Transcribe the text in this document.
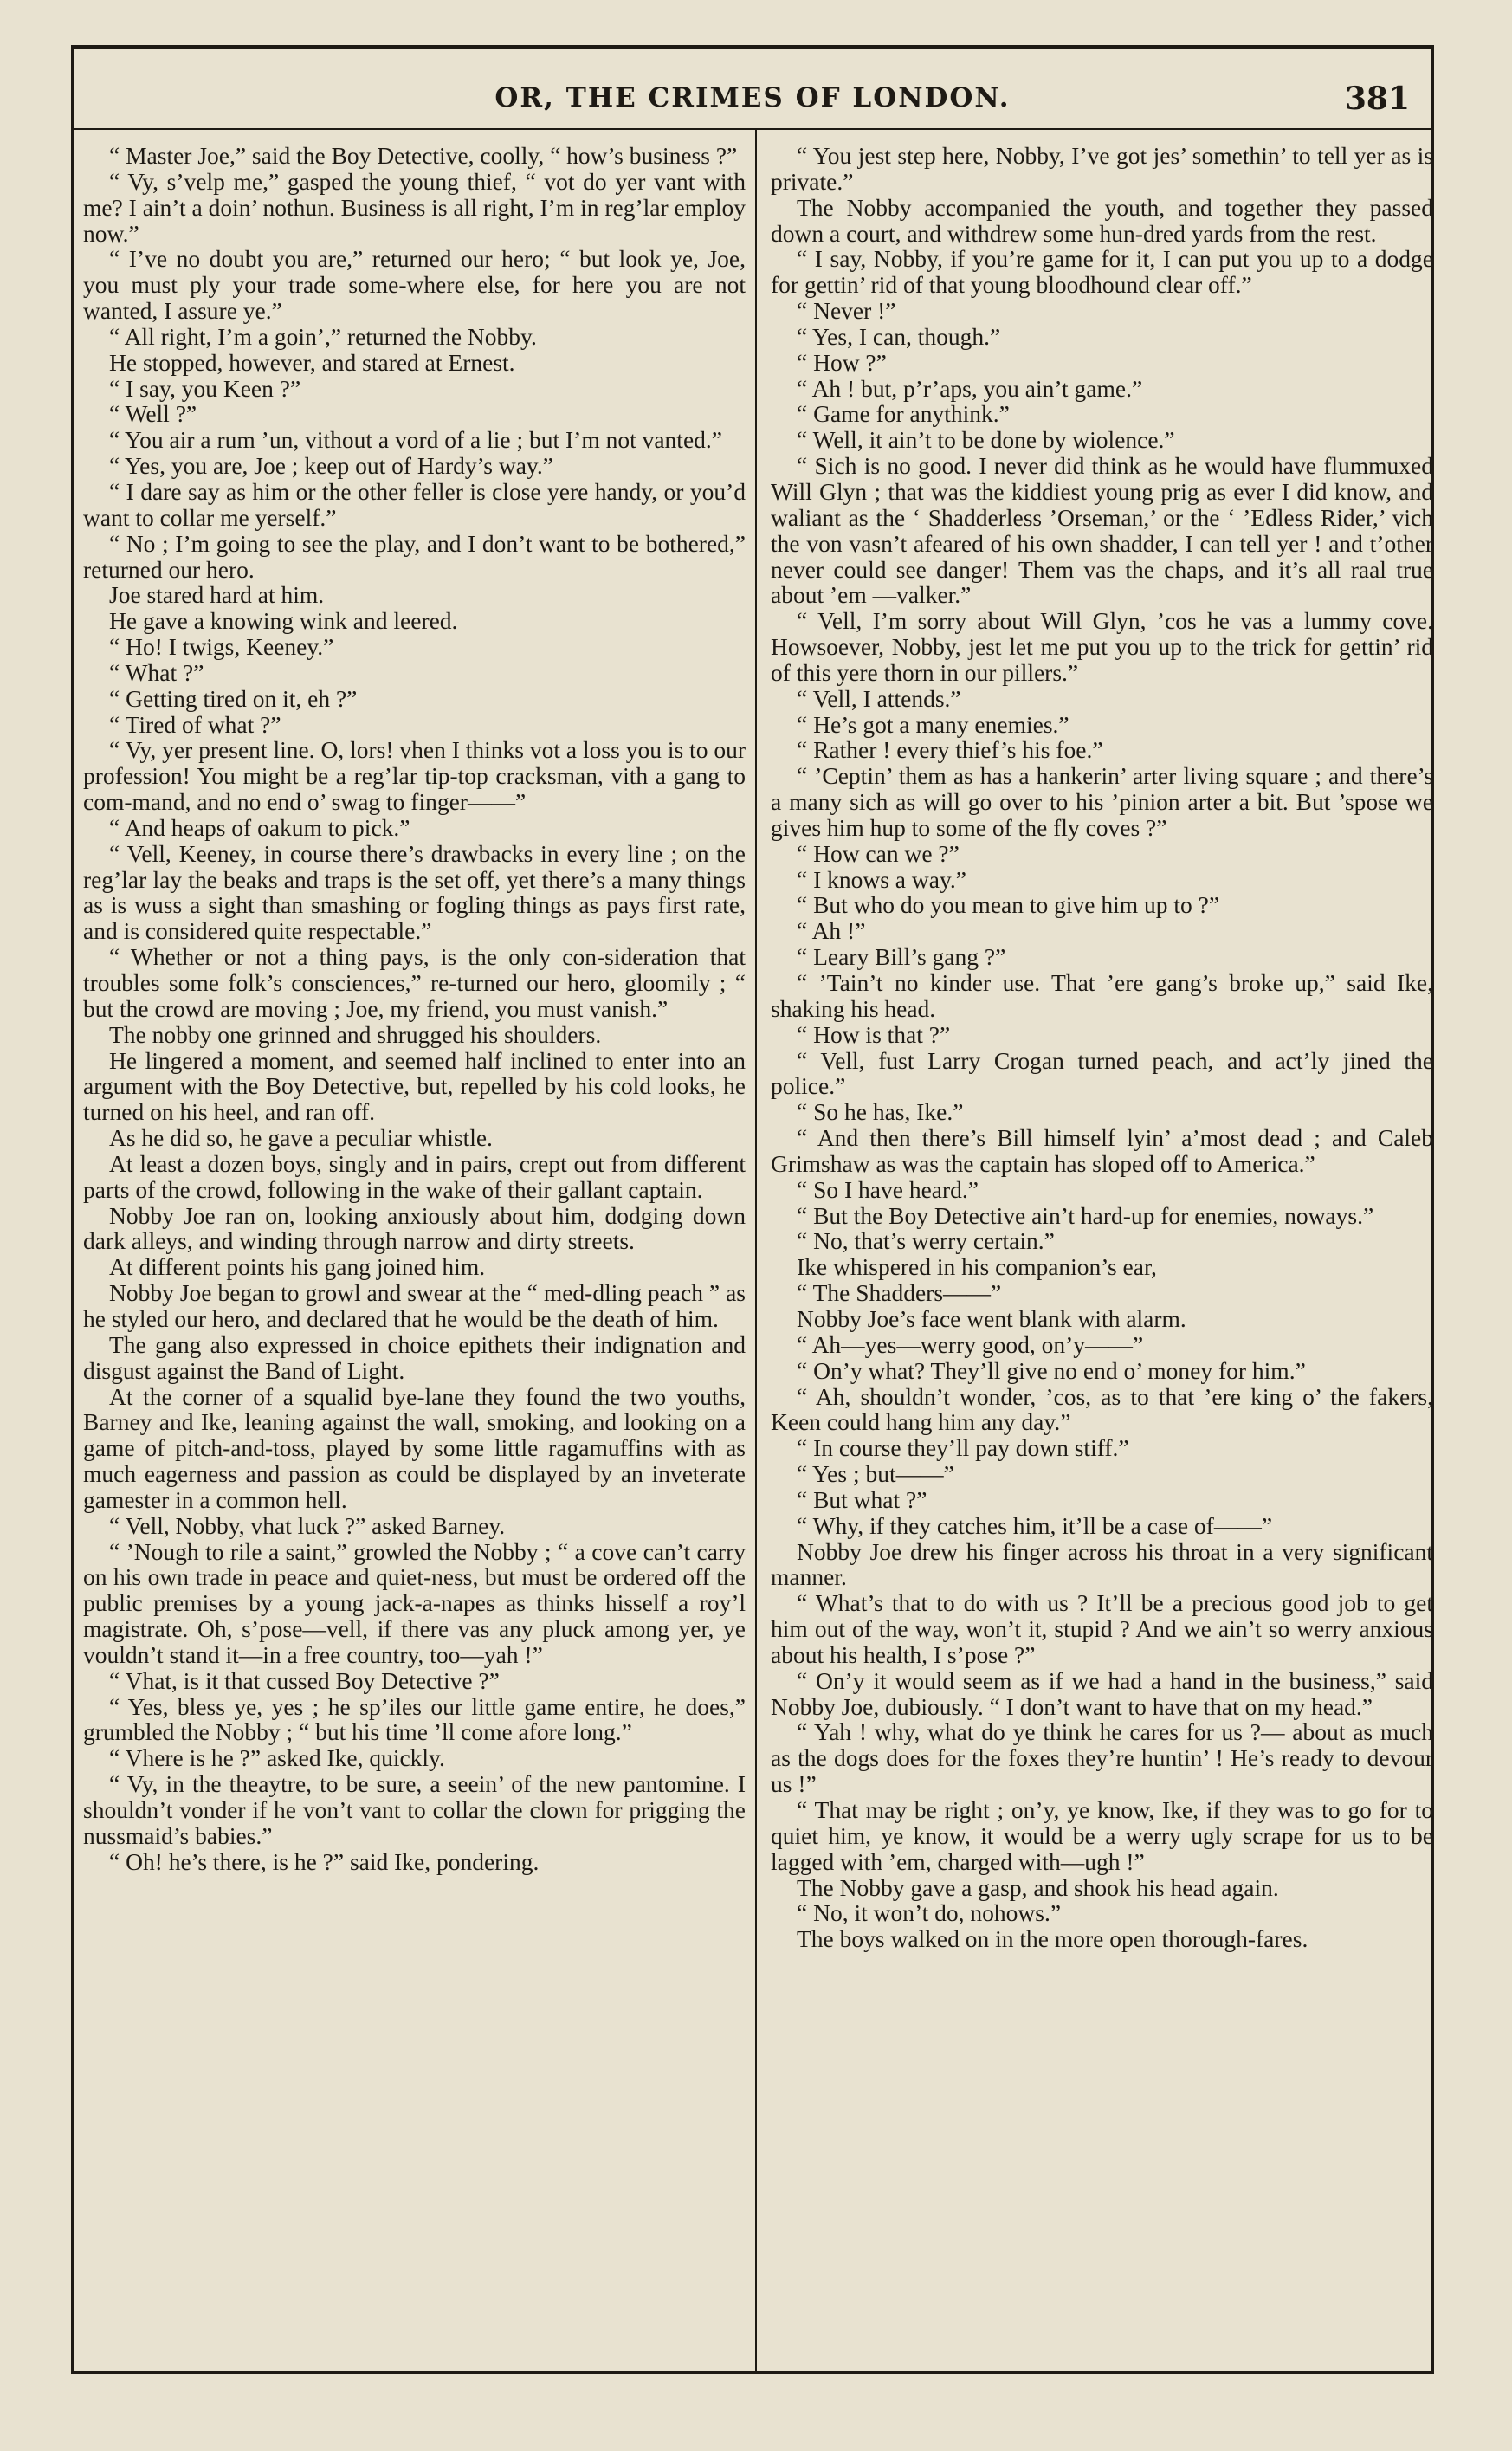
OR, THE CRIMES OF LONDON.	381

“ Master Joe,” said the Boy Detective, coolly, “ how’s business ?”

“ Vy, s’velp me,” gasped the young thief, “ vot do yer vant with me? I ain’t a doin’ nothun. Business is all right, I’m in reg’lar employ now.”

“ I’ve no doubt you are,” returned our hero; “ but look ye, Joe, you must ply your trade some-where else, for here you are not wanted, I assure ye.”

“ All right, I’m a goin’,” returned the Nobby.

He stopped, however, and stared at Ernest.

“ I say, you Keen ?”

“ Well ?”

“ You air a rum ’un, vithout a vord of a lie ; but I’m not vanted.”

“ Yes, you are, Joe ; keep out of Hardy’s way.”

“ I dare say as him or the other feller is close yere handy, or you’d want to collar me yerself.”

“ No ; I’m going to see the play, and I don’t want to be bothered,” returned our hero.

Joe stared hard at him.

He gave a knowing wink and leered.

“ Ho! I twigs, Keeney.”

“ What ?”

“ Getting tired on it, eh ?”

“ Tired of what ?”

“ Vy, yer present line. O, lors! vhen I thinks vot a loss you is to our profession! You might be a reg’lar tip-top cracksman, vith a gang to com-mand, and no end o’ swag to finger——”

“ And heaps of oakum to pick.”

“ Vell, Keeney, in course there’s drawbacks in every line ; on the reg’lar lay the beaks and traps is the set off, yet there’s a many things as is wuss a sight than smashing or fogling things as pays first rate, and is considered quite respectable.”

“ Whether or not a thing pays, is the only con-sideration that troubles some folk’s consciences,” re-turned our hero, gloomily ; “ but the crowd are moving ; Joe, my friend, you must vanish.”

The nobby one grinned and shrugged his shoulders.

He lingered a moment, and seemed half inclined to enter into an argument with the Boy Detective, but, repelled by his cold looks, he turned on his heel, and ran off.

As he did so, he gave a peculiar whistle.

At least a dozen boys, singly and in pairs, crept out from different parts of the crowd, following in the wake of their gallant captain.

Nobby Joe ran on, looking anxiously about him, dodging down dark alleys, and winding through narrow and dirty streets.

At different points his gang joined him.

Nobby Joe began to growl and swear at the “ med-dling peach ” as he styled our hero, and declared that he would be the death of him.

The gang also expressed in choice epithets their indignation and disgust against the Band of Light.

At the corner of a squalid bye-lane they found the two youths, Barney and Ike, leaning against the wall, smoking, and looking on a game of pitch-and-toss, played by some little ragamuffins with as much eagerness and passion as could be displayed by an inveterate gamester in a common hell.

“ Vell, Nobby, vhat luck ?” asked Barney.

“ ’Nough to rile a saint,” growled the Nobby ; “ a cove can’t carry on his own trade in peace and quiet-ness, but must be ordered off the public premises by a young jack-a-napes as thinks hisself a roy’l magistrate. Oh, s’pose—vell, if there vas any pluck among yer, ye vouldn’t stand it—in a free country, too—yah !”

“ Vhat, is it that cussed Boy Detective ?”

“ Yes, bless ye, yes ; he sp’iles our little game entire, he does,” grumbled the Nobby ; “ but his time ’ll come afore long.”

“ Vhere is he ?” asked Ike, quickly.

“ Vy, in the theaytre, to be sure, a seein’ of the new pantomine. I shouldn’t vonder if he von’t vant to collar the clown for prigging the nussmaid’s babies.”

“ Oh! he’s there, is he ?” said Ike, pondering.

“ You jest step here, Nobby, I’ve got jes’ somethin’ to tell yer as is private.”

The Nobby accompanied the youth, and together they passed down a court, and withdrew some hun-dred yards from the rest.

“ I say, Nobby, if you’re game for it, I can put you up to a dodge for gettin’ rid of that young bloodhound clear off.”

“ Never !”

“ Yes, I can, though.”

“ How ?”

“ Ah ! but, p’r’aps, you ain’t game.”

“ Game for anythink.”

“ Well, it ain’t to be done by wiolence.”

“ Sich is no good. I never did think as he would have flummuxed Will Glyn ; that was the kiddiest young prig as ever I did know, and waliant as the ‘ Shadderless ’Orseman,’ or the ‘ ’Edless Rider,’ vich the von vasn’t afeared of his own shadder, I can tell yer ! and t’other never could see danger! Them vas the chaps, and it’s all raal true about ’em —valker.”

“ Vell, I’m sorry about Will Glyn, ’cos he vas a lummy cove. Howsoever, Nobby, jest let me put you up to the trick for gettin’ rid of this yere thorn in our pillers.”

“ Vell, I attends.”

“ He’s got a many enemies.”

“ Rather ! every thief’s his foe.”

“ ’Ceptin’ them as has a hankerin’ arter living square ; and there’s a many sich as will go over to his ’pinion arter a bit. But ’spose we gives him hup to some of the fly coves ?”

“ How can we ?”

“ I knows a way.”

“ But who do you mean to give him up to ?”

“ Ah !”

“ Leary Bill’s gang ?”

“ ’Tain’t no kinder use. That ’ere gang’s broke up,” said Ike, shaking his head.

“ How is that ?”

“ Vell, fust Larry Crogan turned peach, and act’ly jined the police.”

“ So he has, Ike.”

“ And then there’s Bill himself lyin’ a’most dead ; and Caleb Grimshaw as was the captain has sloped off to America.”

“ So I have heard.”

“ But the Boy Detective ain’t hard-up for enemies, noways.”

“ No, that’s werry certain.”

Ike whispered in his companion’s ear,

“ The Shadders——”

Nobby Joe’s face went blank with alarm.

“ Ah—yes—werry good, on’y——”

“ On’y what? They’ll give no end o’ money for him.”

“ Ah, shouldn’t wonder, ’cos, as to that ’ere king o’ the fakers, Keen could hang him any day.”

“ In course they’ll pay down stiff.”

“ Yes ; but——”

“ But what ?”

“ Why, if they catches him, it’ll be a case of——”

Nobby Joe drew his finger across his throat in a very significant manner.

“ What’s that to do with us ? It’ll be a precious good job to get him out of the way, won’t it, stupid ? And we ain’t so werry anxious about his health, I s’pose ?”

“ On’y it would seem as if we had a hand in the business,” said Nobby Joe, dubiously. “ I don’t want to have that on my head.”

“ Yah ! why, what do ye think he cares for us ?— about as much as the dogs does for the foxes they’re huntin’ ! He’s ready to devour us !”

“ That may be right ; on’y, ye know, Ike, if they was to go for to quiet him, ye know, it would be a werry ugly scrape for us to be lagged with ’em, charged with—ugh !”

The Nobby gave a gasp, and shook his head again.

“ No, it won’t do, nohows.”

The boys walked on in the more open thorough-fares.
